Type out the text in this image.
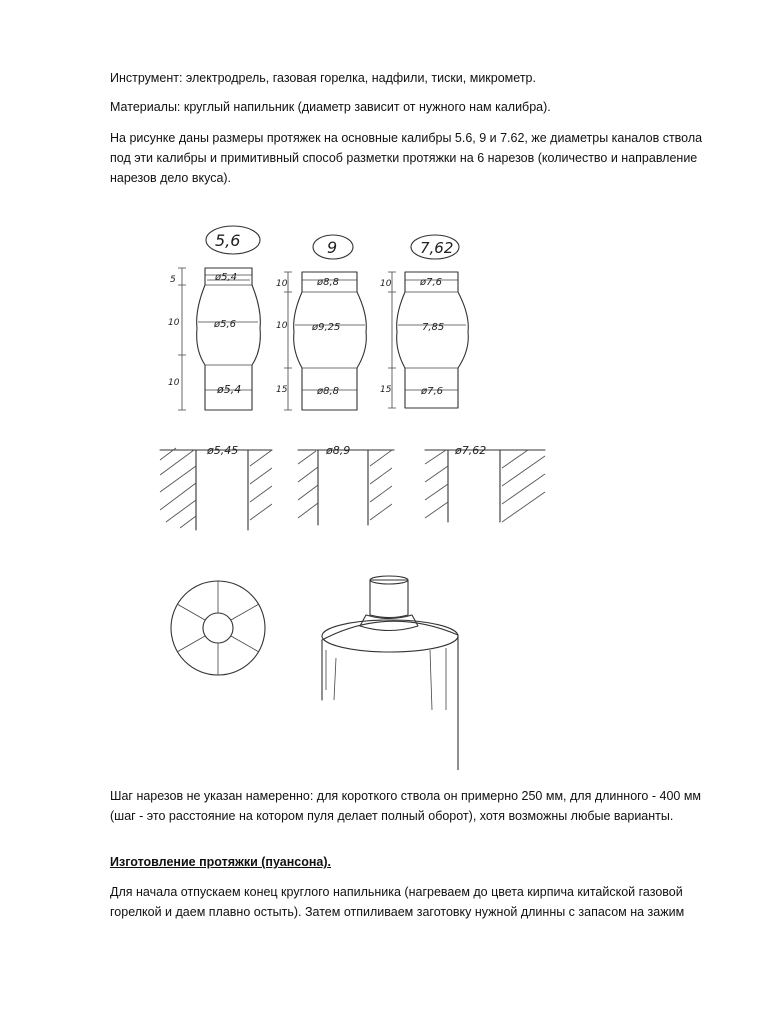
Инструмент: электродрель, газовая горелка, надфили, тиски, микрометр.

Материалы: круглый напильник (диаметр зависит от нужного нам калибра).

На рисунке даны размеры протяжек на основные калибры 5.6, 9 и 7.62, же диаметры каналов ствола под эти калибры и примитивный способ разметки протяжки на 6 нарезов (количество и направление нарезов дело вкуса).

5,6
5
10
10
ø5,4
ø5,6
ø5,4
9
10
10
15
ø8,8
ø9,25
ø8,8
7,62
10
15
ø7,6
7,85
ø7,6
ø5,45	ø8,9	ø7,62

Шаг нарезов не указан намеренно: для короткого ствола он примерно 250 мм, для длинного - 400 мм (шаг - это расстояние на котором пуля делает полный оборот), хотя возможны любые варианты.

Изготовление протяжки (пуансона).

Для начала отпускаем конец круглого напильника (нагреваем до цвета кирпича китайской газовой горелкой и даем плавно остыть). Затем отпиливаем заготовку нужной длинны с запасом на зажим
